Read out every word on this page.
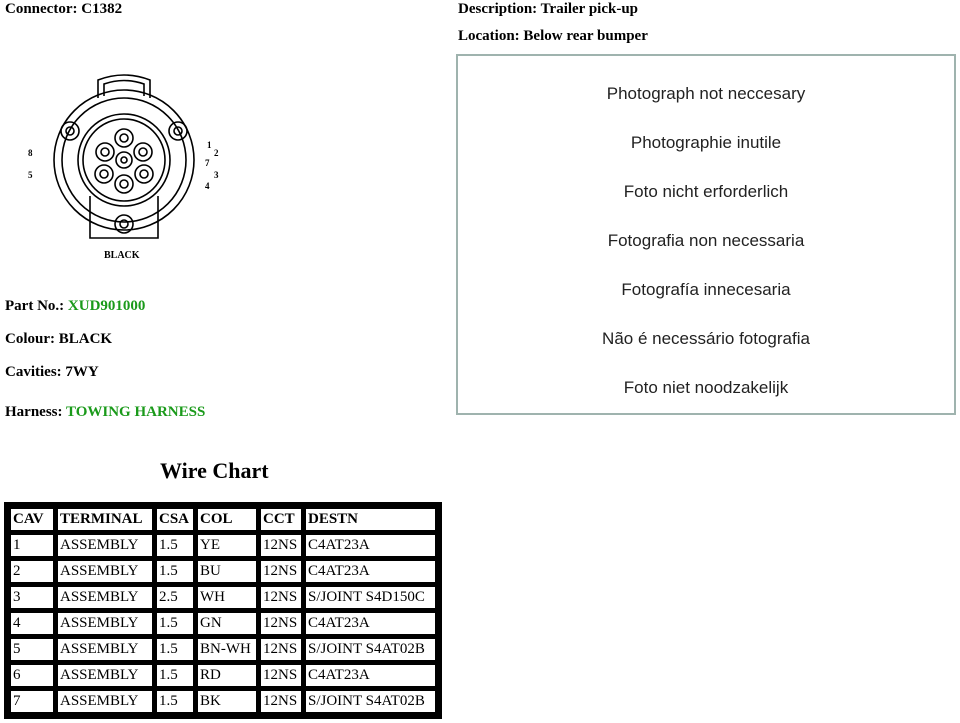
Connector: C1382	Description: Trailer pick-up
Location: Below rear bumper
1
2
7
3
4
8
5
BLACK
Photograph not neccesary
Photographie inutile
Foto nicht erforderlich
Fotografia non necessaria
Fotografía innecesaria
Não é necessário fotografia
Foto niet noodzakelijk
Part No.: XUD901000
Colour: BLACK
Cavities: 7WY
Harness: TOWING HARNESS
Wire Chart
CAV	TERMINAL	CSA	COL	CCT	DESTN
1	ASSEMBLY	1.5	YE	12NS	C4AT23A
2	ASSEMBLY	1.5	BU	12NS	C4AT23A
3	ASSEMBLY	2.5	WH	12NS	S/JOINT S4D150C
4	ASSEMBLY	1.5	GN	12NS	C4AT23A
5	ASSEMBLY	1.5	BN-WH	12NS	S/JOINT S4AT02B
6	ASSEMBLY	1.5	RD	12NS	C4AT23A
7	ASSEMBLY	1.5	BK	12NS	S/JOINT S4AT02B
